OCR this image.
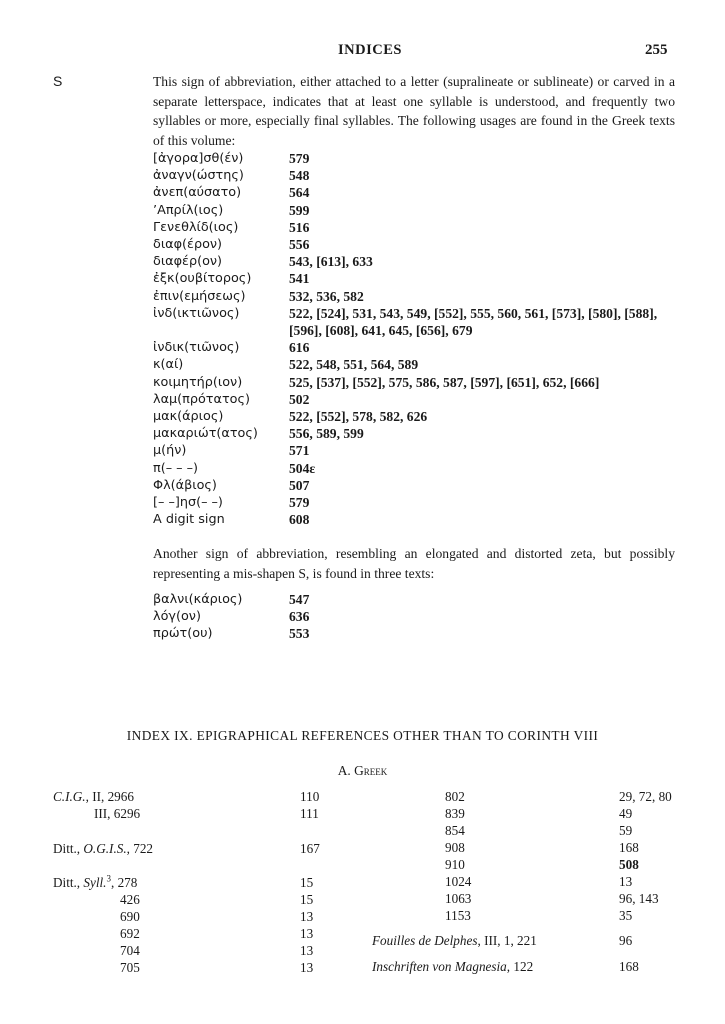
INDICES	255
S	This sign of abbreviation, either attached to a letter (supralineate or sublineate) or carved in a separate letterspace, indicates that at least one syllable is understood, and frequently two syllables or more, especially final syllables. The following usages are found in the Greek texts of this volume:
[ἀγορα]σθ(έν)	579
ἀναγν(ώστης)	548
ἀνεπ(αύσατο)	564
’Απρίλ(ιος)	599
Γενεθλίδ(ιος)	516
διαφ(έρον)	556
διαφέρ(ον)	543, [613], 633
ἐξκ(ουβίτορος)	541
ἐπιν(εμήσεως)	532, 536, 582
ἰνδ(ικτιῶνος)	522, [524], 531, 543, 549, [552], 555, 560, 561, [573], [580], [588], [596], [608], 641, 645, [656], 679
ἰνδικ(τιῶνος)	616
κ(αί)	522, 548, 551, 564, 589
κοιμητήρ(ιον)	525, [537], [552], 575, 586, 587, [597], [651], 652, [666]
λαμ(πρότατος)	502
μακ(άριος)	522, [552], 578, 582, 626
μακαριώτ(ατος)	556, 589, 599
μ(ήν)	571
π(– – –)	504ε
Φλ(άβιος)	507
[– –]ησ(– –)	579
A digit sign	608
Another sign of abbreviation, resembling an elongated and distorted zeta, but possibly representing a mis-shapen S, is found in three texts:
βαλνι(κάριος)	547
λόγ(ον)	636
πρώτ(ου)	553
INDEX IX. EPIGRAPHICAL REFERENCES OTHER THAN TO CORINTH VIII
A. Greek
C.I.G., II, 2966	110
III, 6296	111
Ditt., O.G.I.S., 722	167
Ditt., Syll.$^3$, 278	15
426	15
690	13
692	13
704	13
705	13
802	29, 72, 80
839	49
854	59
908	168
910	508
1024	13
1063	96, 143
1153	35
Fouilles de Delphes, III, 1, 221	96
Inschriften von Magnesia, 122	168
